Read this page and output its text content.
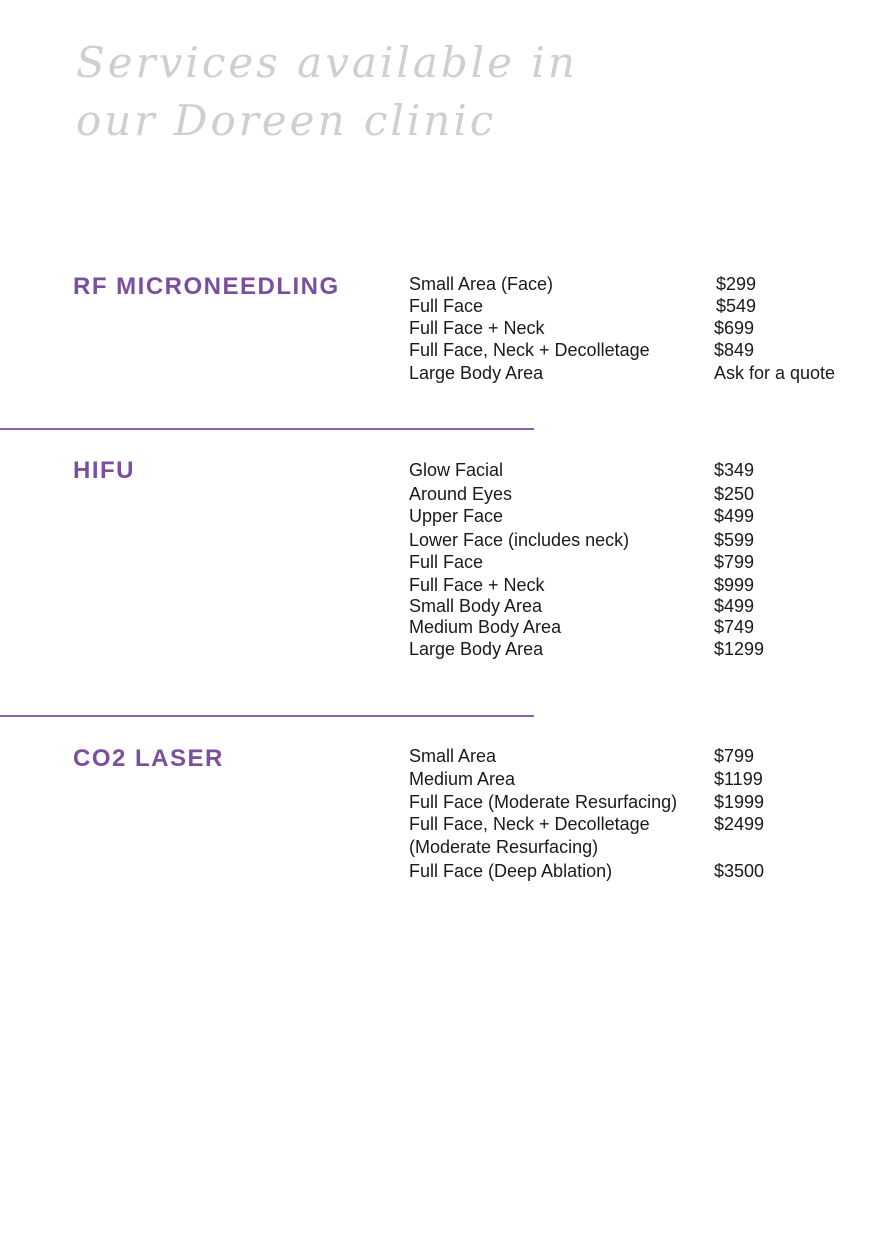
Services available in
our Doreen clinic
RF MICRONEEDLING	Small Area (Face)	$299
Full Face	$549
Full Face + Neck	$699
Full Face, Neck + Decolletage	$849
Large Body Area	Ask for a quote
HIFU	Glow Facial	$349
Around Eyes	$250
Upper Face	$499
Lower Face (includes neck)	$599
Full Face	$799
Full Face + Neck	$999
Small Body Area	$499
Medium Body Area	$749
Large Body Area	$1299
CO2 LASER	Small Area	$799
Medium Area	$1199
Full Face (Moderate Resurfacing) $1999
Full Face, Neck + Decolletage	$2499
(Moderate Resurfacing)
Full Face (Deep Ablation)	$3500
